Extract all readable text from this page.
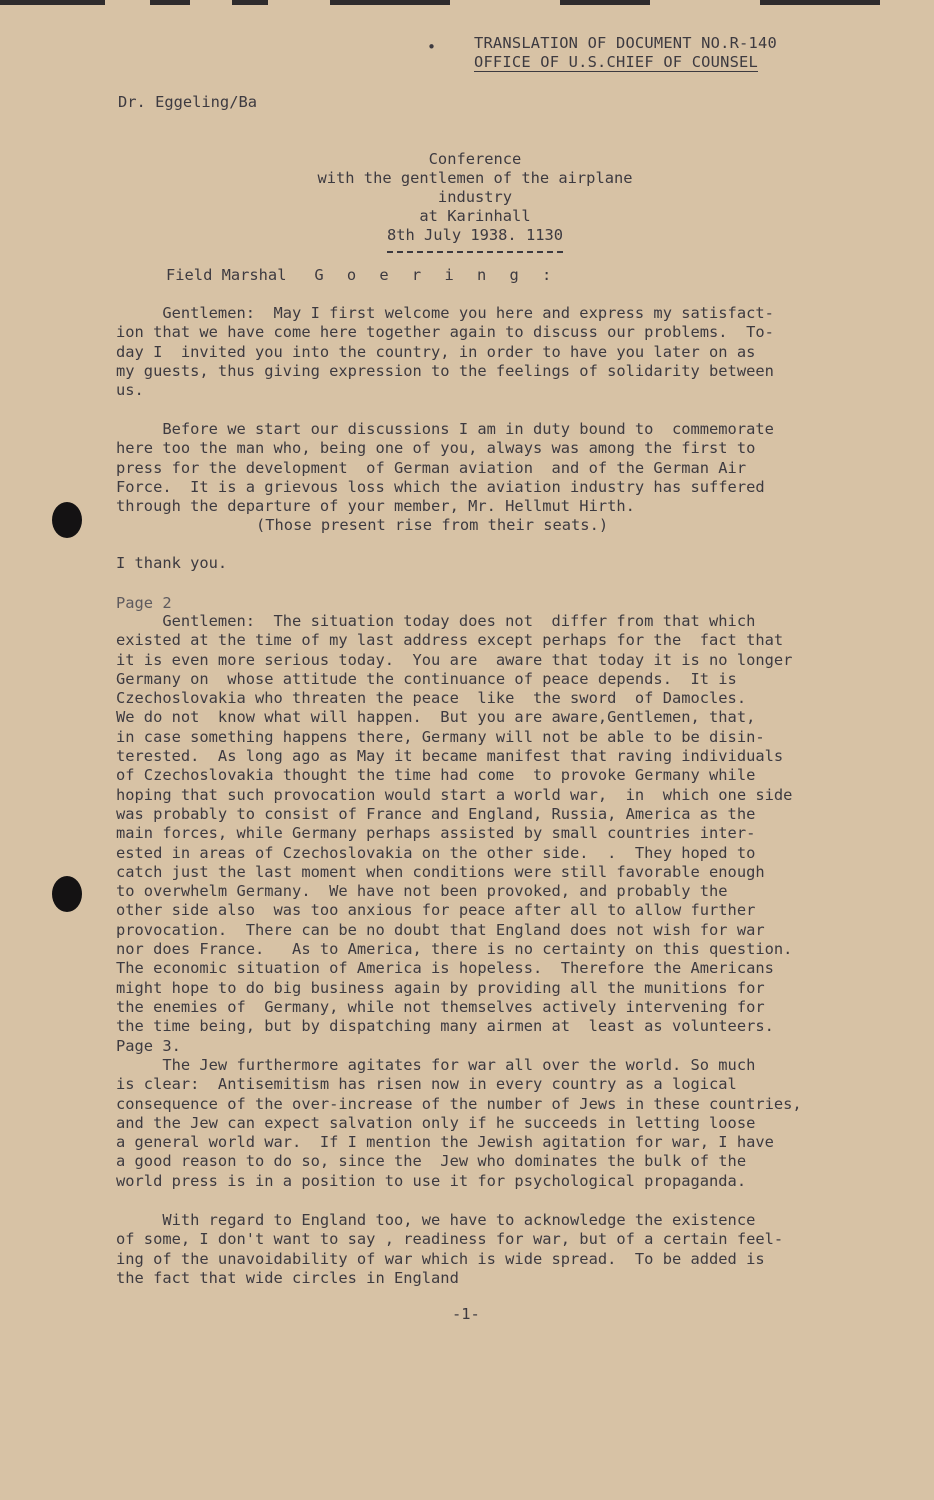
• TRANSLATION OF DOCUMENT NO.R-140
OFFICE OF U.S.CHIEF OF COUNSEL
Dr. Eggeling/Ba
Conference
with the gentlemen of the airplane industry
at Karinhall
8th July 1938. 1130
Field Marshal G o e r i n g :
Gentlemen:  May I first welcome you here and express my satisfact-
ion that we have come here together again to discuss our problems.  To-
day I  invited you into the country, in order to have you later on as
my guests, thus giving expression to the feelings of solidarity between
us.
Before we start our discussions I am in duty bound to  commemorate
here too the man who, being one of you, always was among the first to
press for the development  of German aviation  and of the German Air
Force.  It is a grievous loss which the aviation industry has suffered
through the departure of your member, Mr. Hellmut Hirth.
(Those present rise from their seats.)
I thank you.
Page 2
Gentlemen:  The situation today does not  differ from that which
existed at the time of my last address except perhaps for the  fact that
it is even more serious today.  You are  aware that today it is no longer
Germany on  whose attitude the continuance of peace depends.  It is
Czechoslovakia who threaten the peace  like  the sword  of Damocles.
We do not  know what will happen.  But you are aware,Gentlemen, that,
in case something happens there, Germany will not be able to be disin-
terested.  As long ago as May it became manifest that raving individuals
of Czechoslovakia thought the time had come  to provoke Germany while
hoping that such provocation would start a world war,  in  which one side
was probably to consist of France and England, Russia, America as the
main forces, while Germany perhaps assisted by small countries inter-
ested in areas of Czechoslovakia on the other side.  .  They hoped to
catch just the last moment when conditions were still favorable enough
to overwhelm Germany.  We have not been provoked, and probably the
other side also  was too anxious for peace after all to allow further
provocation.  There can be no doubt that England does not wish for war
nor does France.   As to America, there is no certainty on this question.
The economic situation of America is hopeless.  Therefore the Americans
might hope to do big business again by providing all the munitions for
the enemies of  Germany, while not themselves actively intervening for
the time being, but by dispatching many airmen at  least as volunteers.
Page 3.
The Jew furthermore agitates for war all over the world. So much
is clear:  Antisemitism has risen now in every country as a logical
consequence of the over-increase of the number of Jews in these countries,
and the Jew can expect salvation only if he succeeds in letting loose
a general world war.  If I mention the Jewish agitation for war, I have
a good reason to do so, since the  Jew who dominates the bulk of the
world press is in a position to use it for psychological propaganda.
With regard to England too, we have to acknowledge the existence
of some, I don't want to say , readiness for war, but of a certain feel-
ing of the unavoidability of war which is wide spread.  To be added is
the fact that wide circles in England
-1-
